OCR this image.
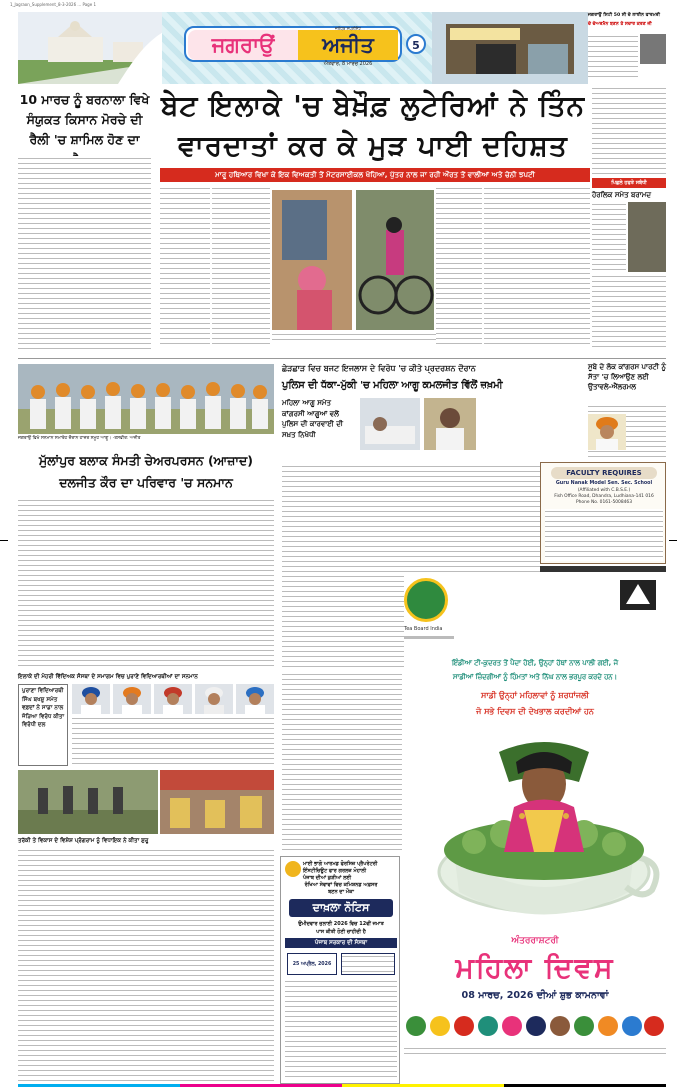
1_Jagraon_Supplement_8-3-2026 ... Page 1
ਜਗਰਾਉਂ	ਅਜੀਤ
ਜਲੰਧਰ ਸਪਲੀਮੈਂਟ
ਐਤਵਾਰ, 8 ਮਾਰਚ 2026
5
ਜਗਰਾਉਂ ਸਿਟੀ 50 ਸੀ ਦੇ ਲਾਈਨ ਫਾਰਮਰੀ
ਦੇ ਚੇਅਰਮੈਨ ਬਣਨ ਤੇ ਸਦਾਰ ਕਰਣ ਜੀ
10 ਮਾਰਚ ਨੂੰ ਬਰਨਾਲਾ ਵਿਖੇ ਸੰਯੁਕਤ ਕਿਸਾਨ ਮੋਰਚੇ ਦੀ ਰੈਲੀ 'ਚ ਸ਼ਾਮਿਲ ਹੋਣ ਦਾ
ਬੇਟ ਇਲਾਕੇ 'ਚ ਬੇਖ਼ੌਫ਼ ਲੁਟੇਰਿਆਂ ਨੇ ਤਿੰਨ
ਵਾਰਦਾਤਾਂ ਕਰ ਕੇ ਮੁੜ ਪਾਈ ਦਹਿਸ਼ਤ
ਮਾਰੂ ਹਥਿਆਰ ਵਿਖਾ ਕੇ ਇਕ ਵਿਅਕਤੀ ਤੋਂ ਮੋਟਰਸਾਈਕਲ ਖੋਹਿਆ, ਪੁੱਤਰ ਨਾਲ ਜਾ ਰਹੀ ਔਰਤ ਤੋਂ ਵਾਲੀਆਂ ਅਤੇ ਚੇਨੀ ਝਪਟੀ
ਪਿਛਲੇ ਹਫਤੇ ਸਬੰਧੀ
ਹੋਰਲਿਕ ਸਮੇਤ ਬਰਾਮਦ
ਜਗਰਾਉਂ ਵਿਖੇ ਸਨਮਾਨ ਸਮਾਰੋਹ ਦੌਰਾਨ ਹਾਜ਼ਰ ਸਮੂਹ ਆਗੂ। -ਤਸਵੀਰ: ਅਜੀਤ
ਮੁੱਲਾਂਪੁਰ ਬਲਾਕ ਸੰਮਤੀ ਚੇਅਰਪਰਸਨ (ਆਜ਼ਾਦ)
ਦਲਜੀਤ ਕੌਰ ਦਾ ਪਰਿਵਾਰ 'ਚ ਸਨਮਾਨ
ਛੇੜਛਾੜ ਵਿਚ ਬਜਟ ਇਜਲਾਸ ਦੇ ਵਿਰੋਧ 'ਚ ਕੀਤੇ ਪ੍ਰਦਰਸ਼ਨ ਦੌਰਾਨ
ਪੁਲਿਸ ਦੀ ਧੱਕਾ-ਮੁੱਕੀ 'ਚ ਮਹਿਲਾ ਆਗੂ ਕਮਲਜੀਤ ਵਿੱਲੋਂ ਜ਼ਖ਼ਮੀ
ਮਹਿਲਾ ਆਗੂ ਸਮੇਤ ਕਾਂਗਰਸੀ ਆਗੂਆਂ ਵਲੋਂ ਪੁਲਿਸ ਦੀ ਕਾਰਵਾਈ ਦੀ ਸਖ਼ਤ ਨਿਖੇਧੀ
ਸੂਬੇ ਦੇ ਲੋਕ ਕਾਂਗਰਸ ਪਾਰਟੀ ਨੂੰ ਸੱਤਾ 'ਚ ਲਿਆਉਣ ਲਈ ਉਤਾਵਲੇ-ਐੱਲਰਮਲ
FACULTY REQUIRES
Guru Nanak Model Sen. Sec. School
(Affiliated with C.B.S.E.)
Fish Office Road, Dhandra, Ludhiana-141 016
Phone No. 0161-5008463
ਇਲਾਕੇ ਦੀ ਮੋਹਰੀ ਵਿੱਦਿਅਕ ਸੰਸਥਾ ਦੇ ਸਮਾਗਮ ਵਿਚ ਪੁਰਾਣੇ ਵਿਦਿਆਰਥੀਆਂ ਦਾ ਸਨਮਾਨ
ਪੁਰਾਣਾ ਵਿਦਿਆਰਥੀ ਸਿੰਘ ਬਖਸ਼ੂ ਸਮੇਤ ਵਫ਼ਦਾਂ ਨੇ ਸਾਡਾ ਨਾਲ ਜੋੜਿਆ ਵਿਰੋਧ ਕੀਤਾ ਵਿਰੋਧੀ ਦਲ
ਤਰੱਕੀ ਤੇ ਵਿਕਾਸ ਦੇ ਵਿਸ਼ੇਸ਼ ਪ੍ਰੋਗਰਾਮ ਨੂੰ ਵਿਧਾਇਕ ਨੇ ਕੀਤਾ ਸ਼ੁਰੂ
ਮਾਈ ਭਾਗੋ ਆਰਮਡ ਫੋਰਸਿਜ਼ ਪ੍ਰੈਪਰੇਟਰੀ
ਇੰਸਟੀਚਿਊਟ ਫਾਰ ਗਰਲਜ਼ ਮੋਹਾਲੀ
ਪੰਜਾਬ ਦੀਆਂ ਕੁੜੀਆਂ ਲਈ
ਰੱਖਿਆ ਸੇਵਾਵਾਂ ਵਿਚ ਕਮਿਸ਼ਨਡ ਅਫ਼ਸਰ
ਬਣਨ ਦਾ ਮੌਕਾ
ਦਾਖ਼ਲਾ ਨੋਟਿਸ
ਉਮੀਦਵਾਰ ਜੁਲਾਈ 2026 ਵਿਚ 12ਵੀਂ ਜਮਾਤ
ਪਾਸ ਕੀਤੀ ਹੋਣੀ ਚਾਹੀਦੀ ਹੈ
ਪੰਜਾਬ ਸਰਕਾਰ ਦੀ ਸੰਸਥਾ
25 ਅਪ੍ਰੈਲ, 2026
Tea Board India
ਇੰਡੀਆ ਟੀ-ਕੁਦਰਤ ਤੋਂ ਪੈਦਾ ਹੋਈ, ਉਨ੍ਹਾਂ ਹੱਥਾਂ ਨਾਲ ਪਾਲੀ ਗਈ, ਜੋ
ਸਾਡੀਆਂ ਜ਼ਿੰਦਗੀਆਂ ਨੂੰ ਹਿੰਮਤਾਂ ਅਤੇ ਨਿੱਘ ਨਾਲ ਭਰਪੂਰ ਕਰਦੇ ਹਨ।
ਸਾਡੀ ਉਨ੍ਹਾਂ ਮਹਿਲਾਵਾਂ ਨੂੰ ਸ਼ਰਧਾਂਜਲੀ
ਜੋ ਸਭੇ ਦਿਵਸ ਦੀ ਦੇਖਭਾਲ ਕਰਦੀਆਂ ਹਨ
ਅੰਤਰਰਾਸ਼ਟਰੀ
ਮਹਿਲਾ ਦਿਵਸ
08 ਮਾਰਚ, 2026 ਦੀਆਂ ਸ਼ੁਭ ਕਾਮਨਾਵਾਂ
